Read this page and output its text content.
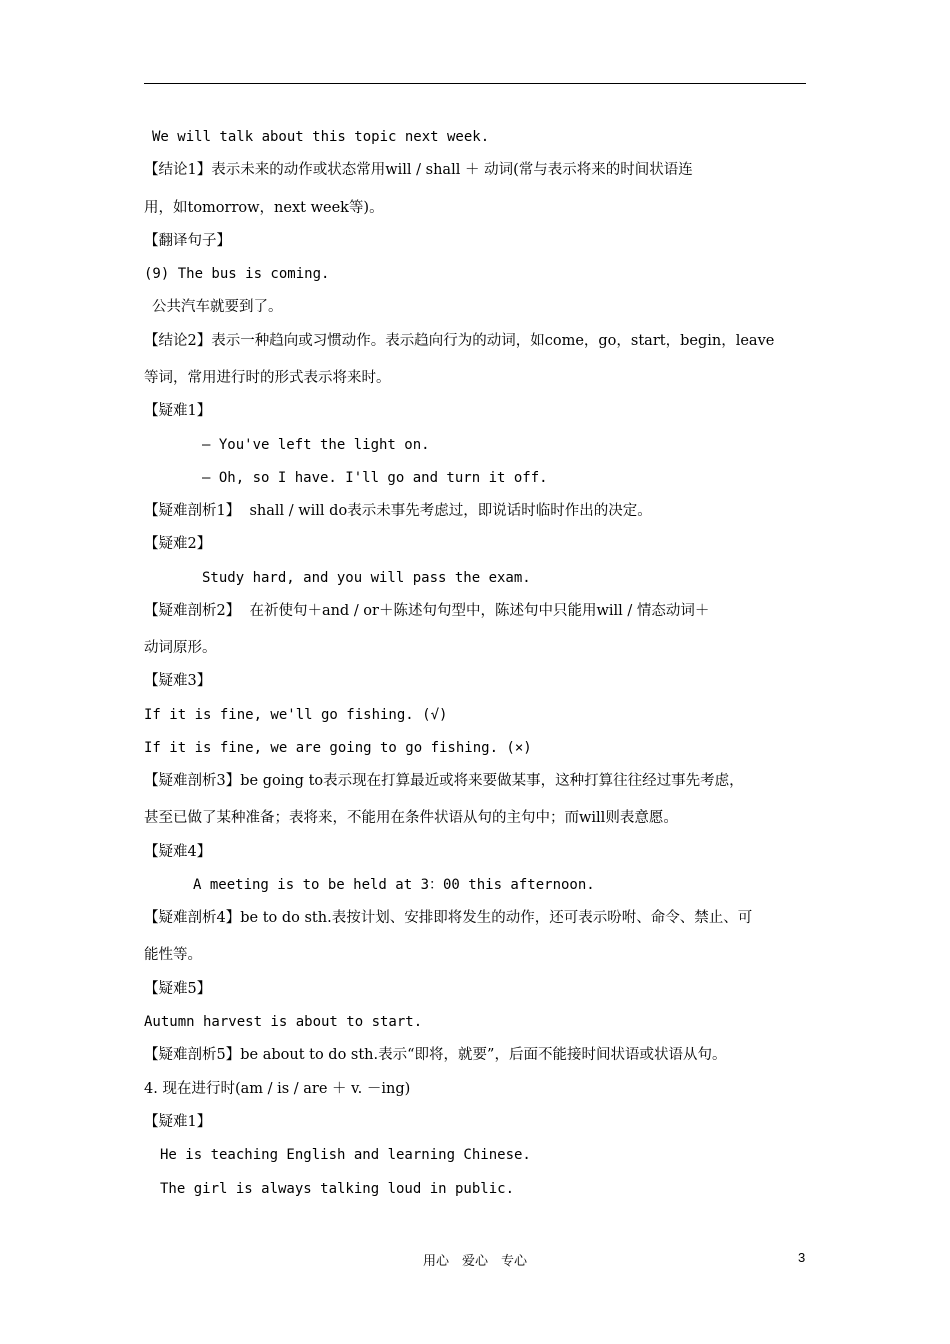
We will talk about this topic next week.
【结论1】表示未来的动作或状态常用will / shall ＋ 动词(常与表示将来的时间状语连
用，如tomorrow，next week等)。
【翻译句子】
(9) The bus is coming.
公共汽车就要到了。
【结论2】表示一种趋向或习惯动作。表示趋向行为的动词，如come，go，start，begin，leave
等词，常用进行时的形式表示将来时。
【疑难1】
— You've left the light on.
— Oh, so I have. I'll go and turn it off.
【疑难剖析1】  shall / will do表示未事先考虑过，即说话时临时作出的决定。
【疑难2】
Study hard, and you will pass the exam.
【疑难剖析2】  在祈使句＋and / or＋陈述句句型中，陈述句中只能用will / 情态动词＋
动词原形。
【疑难3】
If it is fine, we'll go fishing. (√)
If it is fine, we are going to go fishing. (×)
【疑难剖析3】be going to表示现在打算最近或将来要做某事，这种打算往往经过事先考虑，
甚至已做了某种准备；表将来，不能用在条件状语从句的主句中；而will则表意愿。
【疑难4】
A meeting is to be held at 3：00 this afternoon.
【疑难剖析4】be to do sth.表按计划、安排即将发生的动作，还可表示吩咐、命令、禁止、可
能性等。
【疑难5】
Autumn harvest is about to start.
【疑难剖析5】be about to do sth.表示“即将，就要”，后面不能接时间状语或状语从句。
4. 现在进行时(am / is / are ＋ v. －ing)
【疑难1】
He is teaching English and learning Chinese.
The girl is always talking loud in public.
用心　爱心　专心	3
